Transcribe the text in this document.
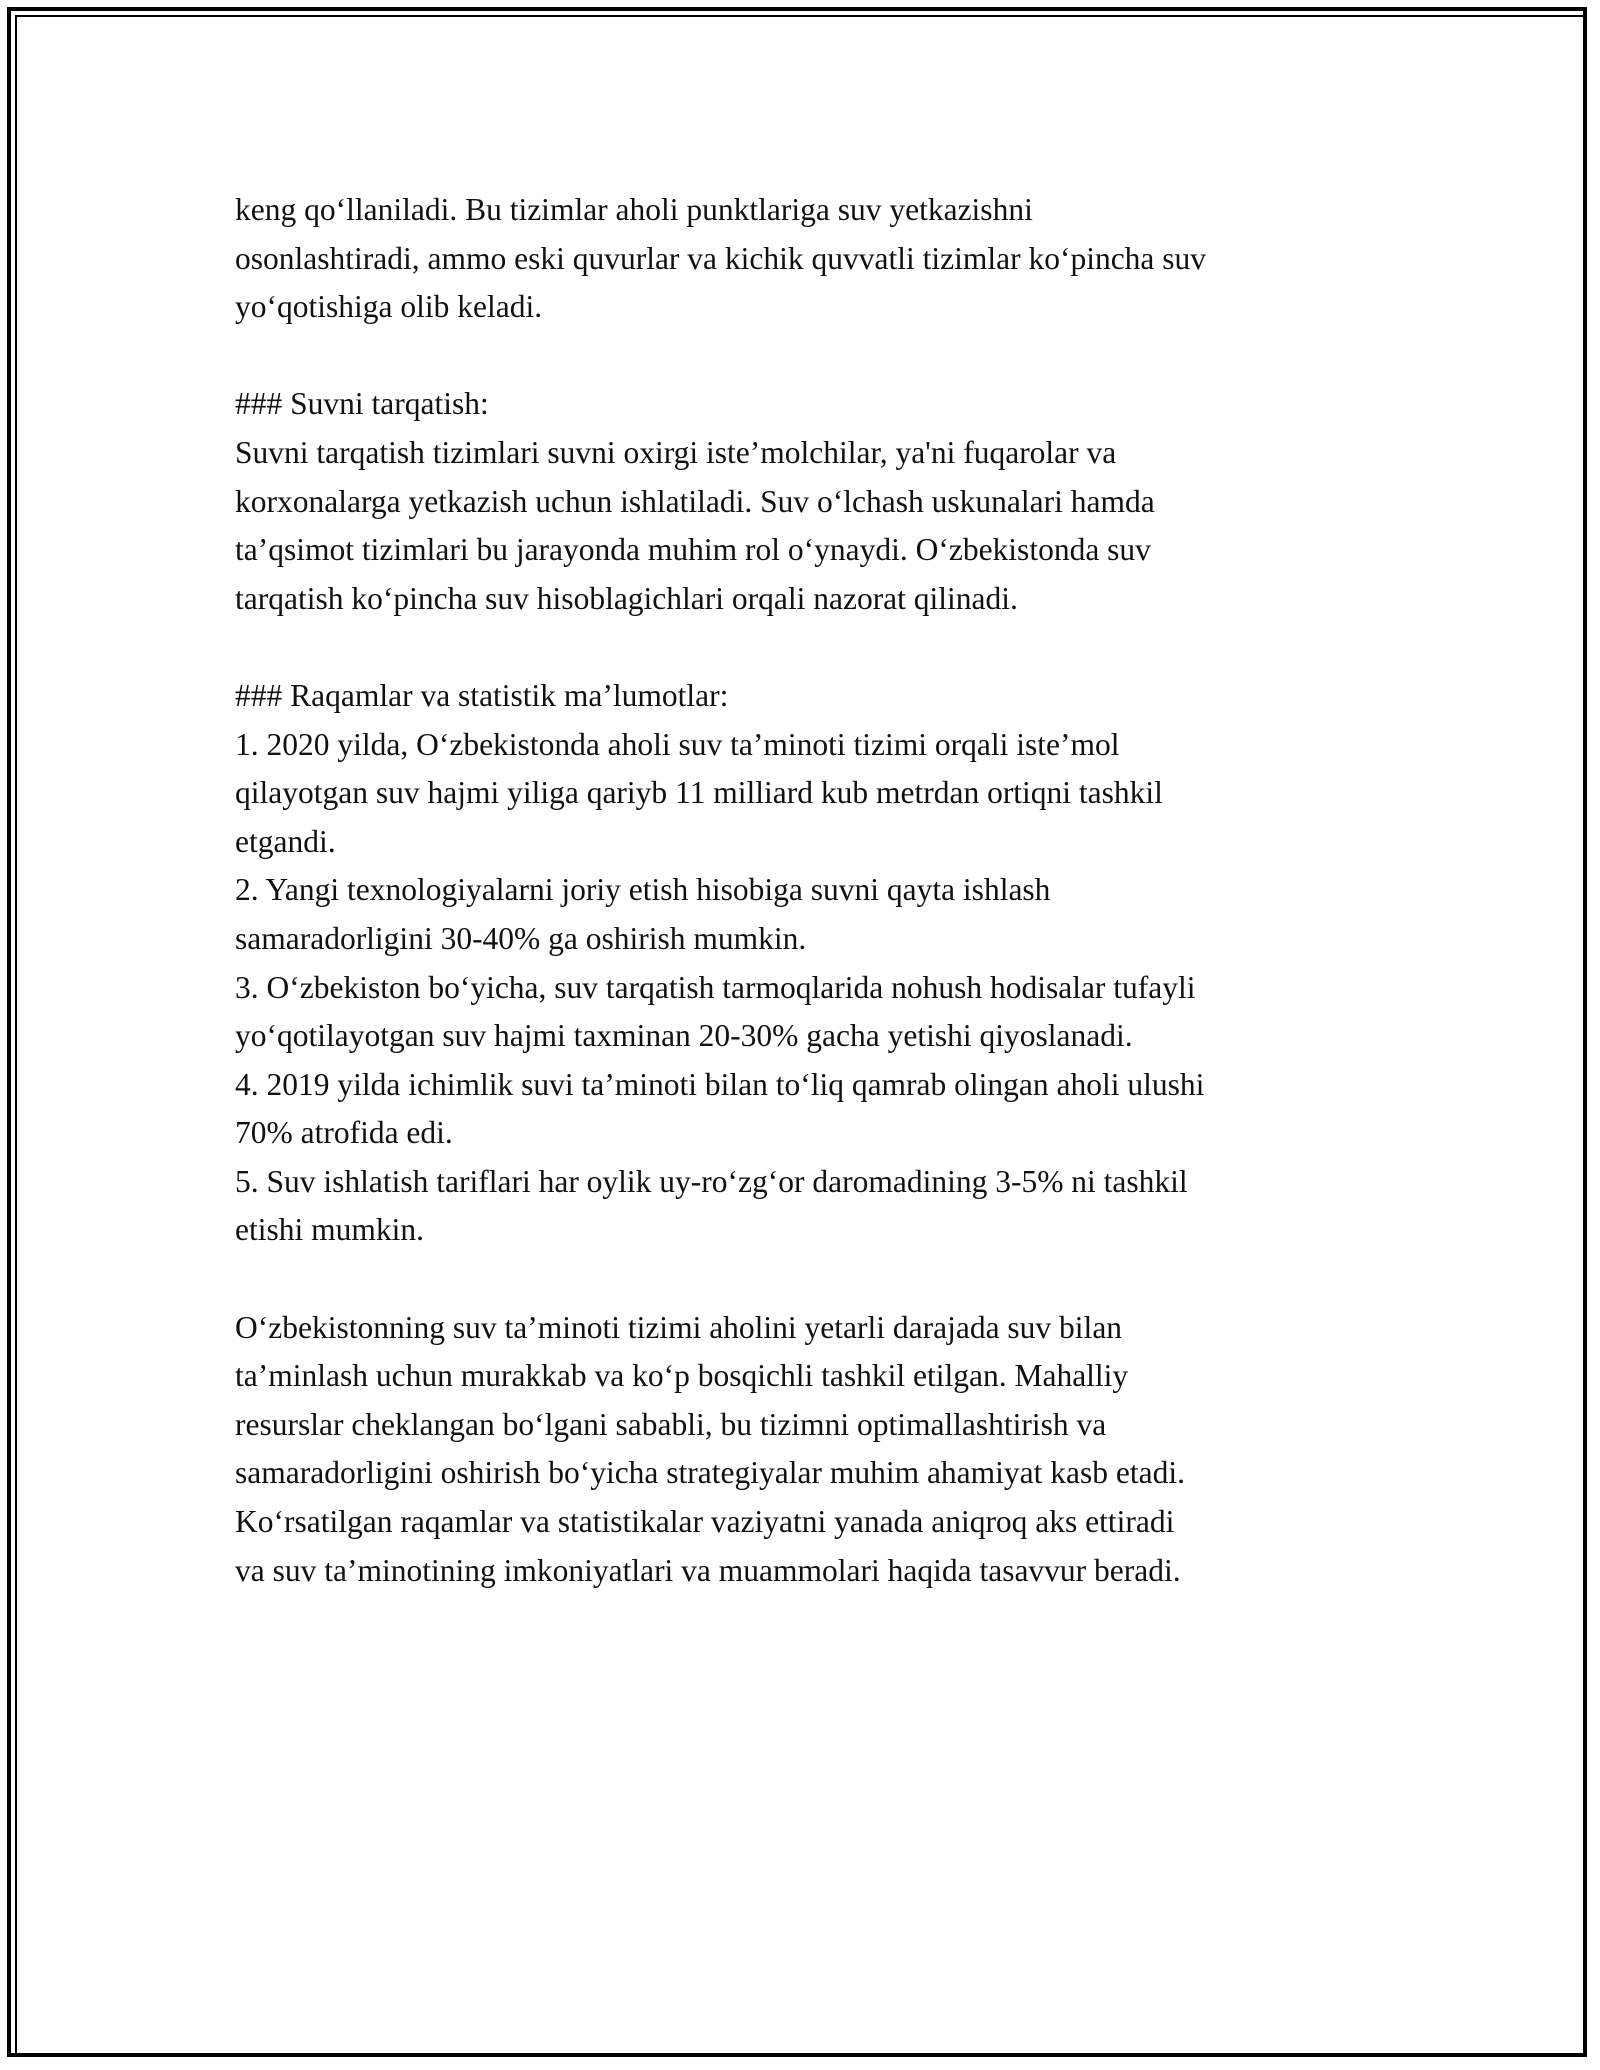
keng qo‘llaniladi. Bu tizimlar aholi punktlariga suv yetkazishni

osonlashtiradi, ammo eski quvurlar va kichik quvvatli tizimlar ko‘pincha suv

yo‘qotishiga olib keladi.

### Suvni tarqatish:

Suvni tarqatish tizimlari suvni oxirgi iste’molchilar, ya'ni fuqarolar va

korxonalarga yetkazish uchun ishlatiladi. Suv o‘lchash uskunalari hamda

ta’qsimot tizimlari bu jarayonda muhim rol o‘ynaydi. O‘zbekistonda suv

tarqatish ko‘pincha suv hisoblagichlari orqali nazorat qilinadi.

### Raqamlar va statistik ma’lumotlar:

1. 2020 yilda, O‘zbekistonda aholi suv ta’minoti tizimi orqali iste’mol

qilayotgan suv hajmi yiliga qariyb 11 milliard kub metrdan ortiqni tashkil

etgandi.

2. Yangi texnologiyalarni joriy etish hisobiga suvni qayta ishlash

samaradorligini 30-40% ga oshirish mumkin.

3. O‘zbekiston bo‘yicha, suv tarqatish tarmoqlarida nohush hodisalar tufayli

yo‘qotilayotgan suv hajmi taxminan 20-30% gacha yetishi qiyoslanadi.

4. 2019 yilda ichimlik suvi ta’minoti bilan to‘liq qamrab olingan aholi ulushi

70% atrofida edi.

5. Suv ishlatish tariflari har oylik uy-ro‘zg‘or daromadining 3-5% ni tashkil

etishi mumkin.

O‘zbekistonning suv ta’minoti tizimi aholini yetarli darajada suv bilan

ta’minlash uchun murakkab va ko‘p bosqichli tashkil etilgan. Mahalliy

resurslar cheklangan bo‘lgani sababli, bu tizimni optimallashtirish va

samaradorligini oshirish bo‘yicha strategiyalar muhim ahamiyat kasb etadi.

Ko‘rsatilgan raqamlar va statistikalar vaziyatni yanada aniqroq aks ettiradi

va suv ta’minotining imkoniyatlari va muammolari haqida tasavvur beradi.
